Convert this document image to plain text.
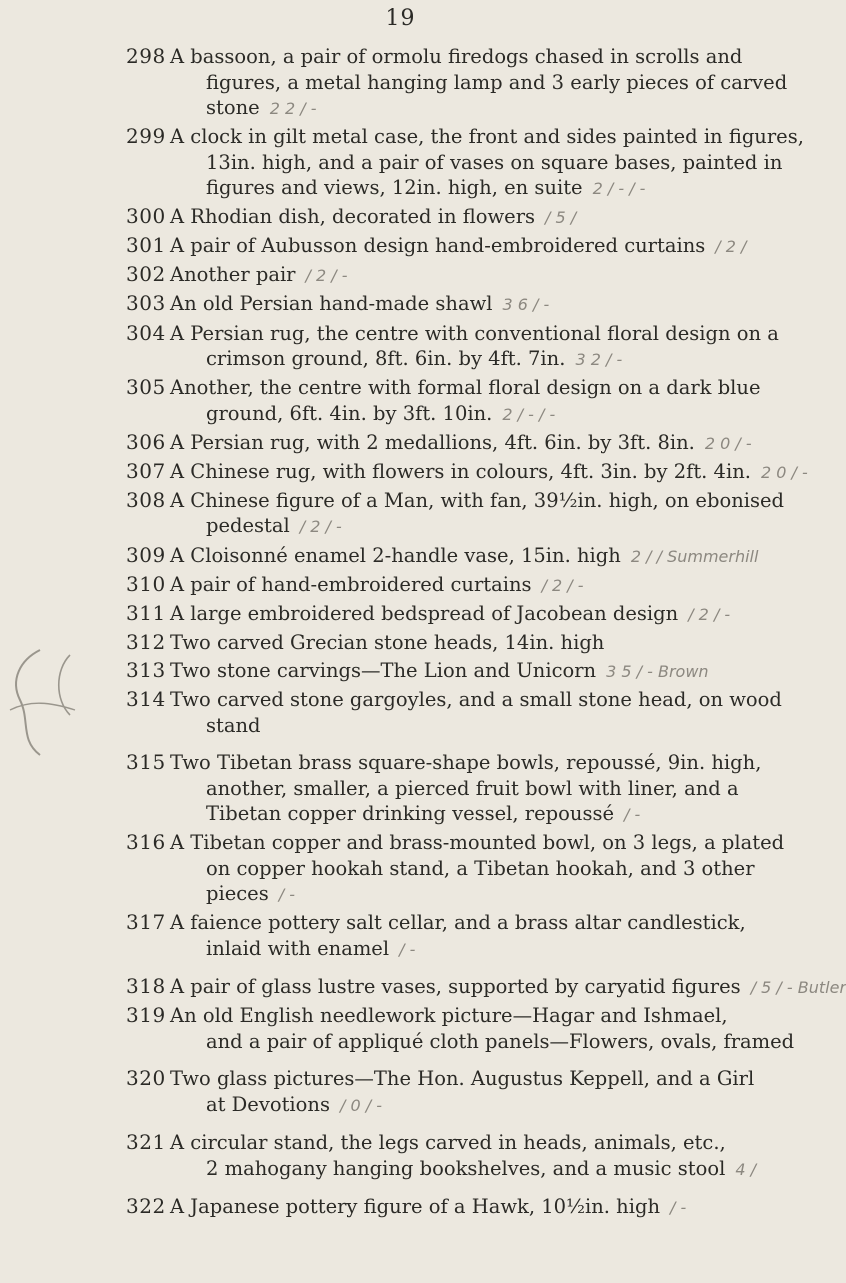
19
298 A bassoon, a pair of ormolu firedogs chased in scrolls and
figures, a metal hanging lamp and 3 early pieces of carved
stone 2 2 / -
299 A clock in gilt metal case, the front and sides painted in figures,
13in. high, and a pair of vases on square bases, painted in
figures and views, 12in. high, en suite 2 / - / -
300 A Rhodian dish, decorated in flowers / 5 /
301 A pair of Aubusson design hand-embroidered curtains / 2 /
302 Another pair / 2 / -
303 An old Persian hand-made shawl 3 6 / -
304 A Persian rug, the centre with conventional floral design on a
crimson ground, 8ft. 6in. by 4ft. 7in. 3 2 / -
305 Another, the centre with formal floral design on a dark blue
ground, 6ft. 4in. by 3ft. 10in. 2 / - / -
306 A Persian rug, with 2 medallions, 4ft. 6in. by 3ft. 8in. 2 0 / -
307 A Chinese rug, with flowers in colours, 4ft. 3in. by 2ft. 4in. 2 0 / -
308 A Chinese figure of a Man, with fan, 39½in. high, on ebonised
pedestal / 2 / -
309 A Cloisonné enamel 2-handle vase, 15in. high 2 / / Summerhill
310 A pair of hand-embroidered curtains / 2 / -
311 A large embroidered bedspread of Jacobean design / 2 / -
312 Two carved Grecian stone heads, 14in. high
313 Two stone carvings—The Lion and Unicorn 3 5 / - Brown
314 Two carved stone gargoyles, and a small stone head, on wood
stand
315 Two Tibetan brass square-shape bowls, repoussé, 9in. high,
another, smaller, a pierced fruit bowl with liner, and a
Tibetan copper drinking vessel, repoussé / -
316 A Tibetan copper and brass-mounted bowl, on 3 legs, a plated
on copper hookah stand, a Tibetan hookah, and 3 other
pieces / -
317 A faience pottery salt cellar, and a brass altar candlestick,
inlaid with enamel / -
318 A pair of glass lustre vases, supported by caryatid figures / 5 / - Butler
319 An old English needlework picture—Hagar and Ishmael,
and a pair of appliqué cloth panels—Flowers, ovals, framed
320 Two glass pictures—The Hon. Augustus Keppell, and a Girl
at Devotions / 0 / -
321 A circular stand, the legs carved in heads, animals, etc.,
2 mahogany hanging bookshelves, and a music stool 4 /
322 A Japanese pottery figure of a Hawk, 10½in. high / -
